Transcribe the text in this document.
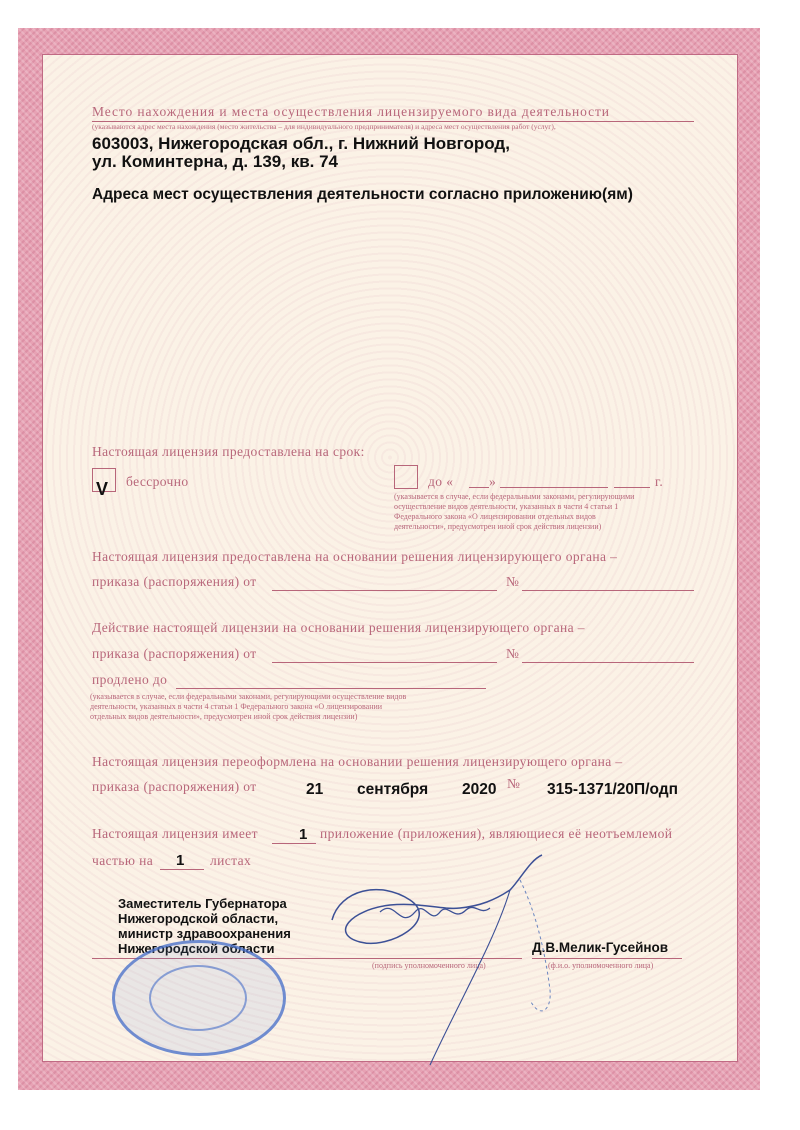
Место нахождения и места осуществления лицензируемого вида деятельности
(указываются адрес места нахождения (место жительства – для индивидуального предпринимателя) и адреса мест осуществления работ (услуг),
603003, Нижегородская обл., г. Нижний Новгород,
ул. Коминтерна, д. 139, кв. 74
Адреса мест осуществления деятельности согласно приложению(ям)
Настоящая лицензия предоставлена на срок:
V бессрочно	до «	»	г.
(указывается в случае, если федеральными законами, регулирующими
осуществление видов деятельности, указанных в части 4 статьи 1
Федерального закона «О лицензировании отдельных видов
деятельности», предусмотрен иной срок действия лицензии)
Настоящая лицензия предоставлена на основании решения лицензирующего органа –
приказа (распоряжения) от	№
Действие настоящей лицензии на основании решения лицензирующего органа –
приказа (распоряжения) от	№
продлено до
(указывается в случае, если федеральными законами, регулирующими осуществление видов
деятельности, указанных в части 4 статьи 1 Федерального закона «О лицензировании
отдельных видов деятельности», предусмотрен иной срок действия лицензии)
Настоящая лицензия переоформлена на основании решения лицензирующего органа –
приказа (распоряжения) от	21 сентября 2020 № 315-1371/20П/одп
Настоящая лицензия имеет	1 приложение (приложения), являющиеся её неотъемлемой
частью на 1 листах
Заместитель Губернатора
Нижегородской области,
министр здравоохранения
Нижегородской области
(подпись уполномоченного лица)
Д.В.Мелик-Гусейнов
(ф.и.о. уполномоченного лица)
